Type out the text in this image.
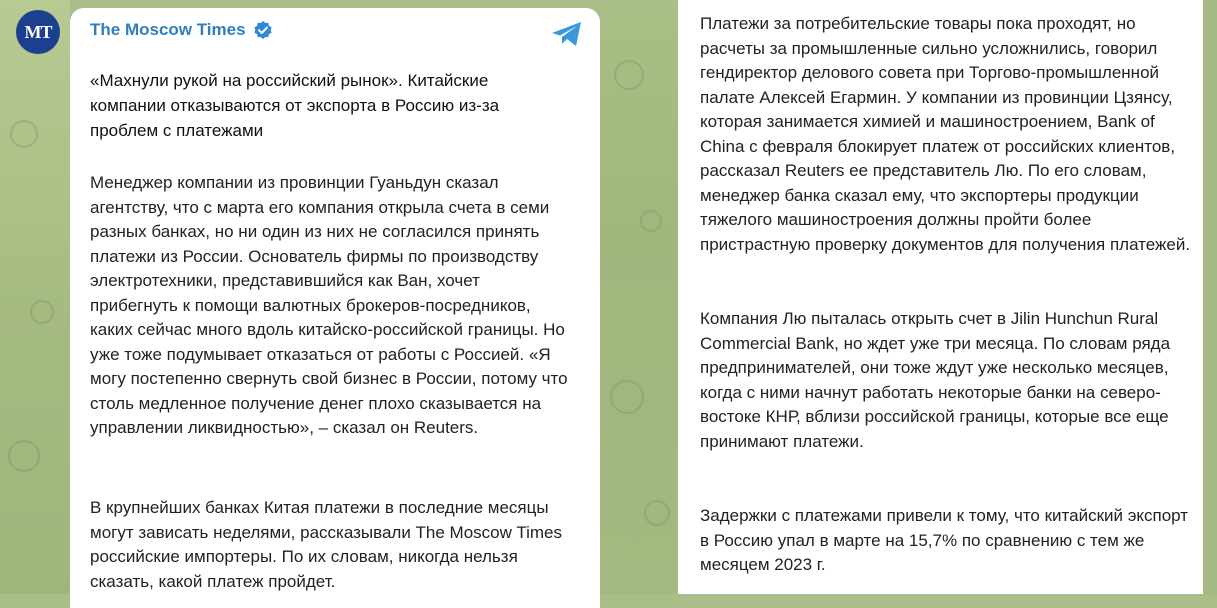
MT The Moscow Times

«Махнули рукой на российский рынок». Китайские компании отказываются от экспорта в Россию из-за проблем с платежами

Менеджер компании из провинции Гуаньдун сказал агентству, что с марта его компания открыла счета в семи разных банках, но ни один из них не согласился принять платежи из России. Основатель фирмы по производству электротехники, представившийся как Ван, хочет прибегнуть к помощи валютных брокеров-посредников, каких сейчас много вдоль китайско-российской границы. Но уже тоже подумывает отказаться от работы с Россией. «Я могу постепенно свернуть свой бизнес в России, потому что столь медленное получение денег плохо сказывается на управлении ликвидностью», – сказал он Reuters.

В крупнейших банках Китая платежи в последние месяцы могут зависать неделями, рассказывали The Moscow Times российские импортеры. По их словам, никогда нельзя сказать, какой платеж пройдет.

Платежи за потребительские товары пока проходят, но расчеты за промышленные сильно усложнились, говорил гендиректор делового совета при Торгово-промышленной палате Алексей Егармин. У компании из провинции Цзянсу, которая занимается химией и машиностроением, Bank of China с февраля блокирует платеж от российских клиентов, рассказал Reuters ее представитель Лю. По его словам, менеджер банка сказал ему, что экспортеры продукции тяжелого машиностроения должны пройти более пристрастную проверку документов для получения платежей.

Компания Лю пыталась открыть счет в Jilin Hunchun Rural Commercial Bank, но ждет уже три месяца. По словам ряда предпринимателей, они тоже ждут уже несколько месяцев, когда с ними начнут работать некоторые банки на северо-востоке КНР, вблизи российской границы, которые все еще принимают платежи.

Задержки с платежами привели к тому, что китайский экспорт в Россию упал в марте на 15,7% по сравнению с тем же месяцем 2023 г.
